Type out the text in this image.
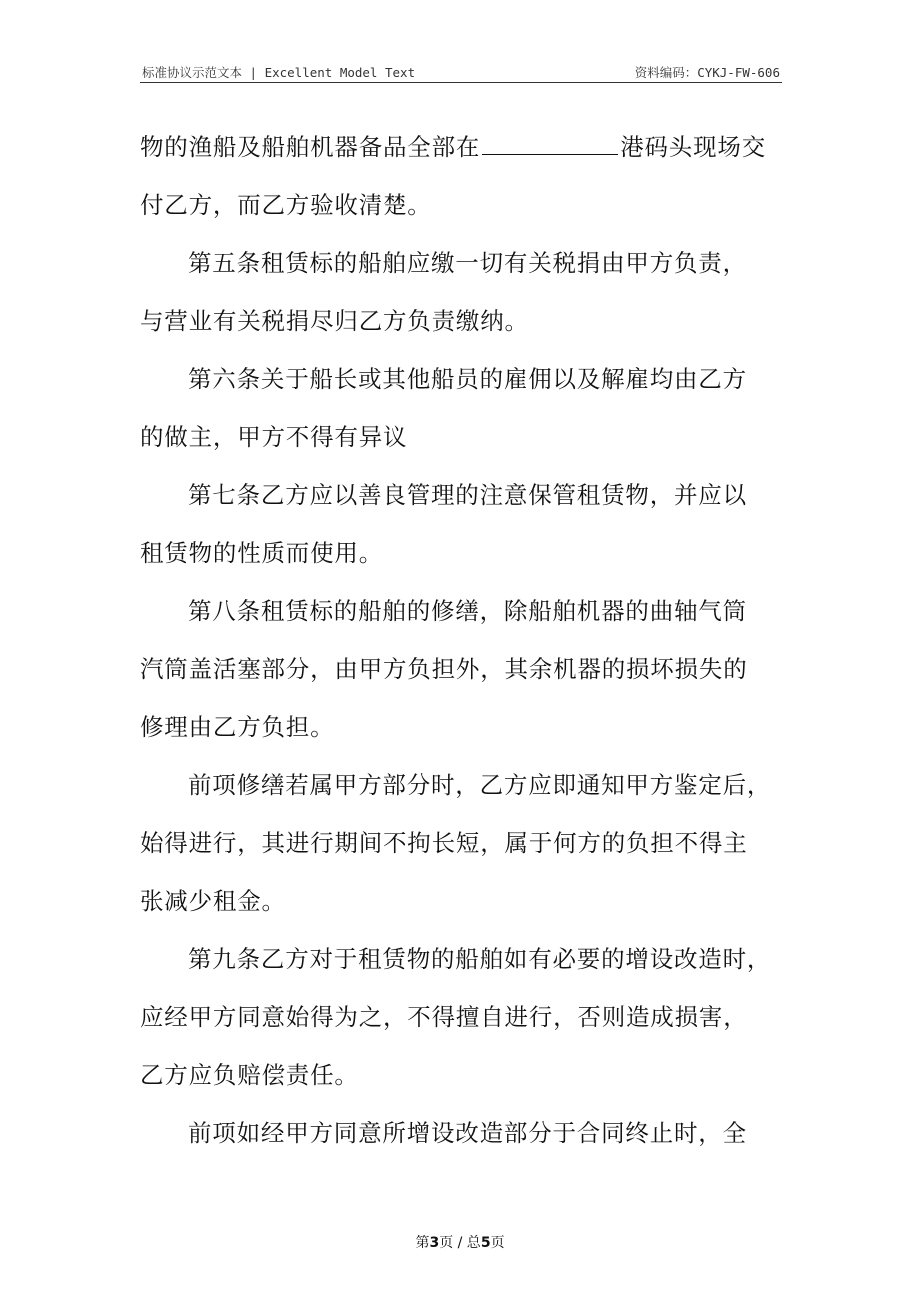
标准协议示范文本 | Excellent Model Text	资料编码：CYKJ-FW-606

物的渔船及船舶机器备品全部在	港码头现场交

付乙方，而乙方验收清楚。

第五条租赁标的船舶应缴一切有关税捐由甲方负责，

与营业有关税捐尽归乙方负责缴纳。

第六条关于船长或其他船员的雇佣以及解雇均由乙方

的做主，甲方不得有异议

第七条乙方应以善良管理的注意保管租赁物，并应以

租赁物的性质而使用。

第八条租赁标的船舶的修缮，除船舶机器的曲轴气筒

汽筒盖活塞部分，由甲方负担外，其余机器的损坏损失的

修理由乙方负担。

前项修缮若属甲方部分时，乙方应即通知甲方鉴定后，

始得进行，其进行期间不拘长短，属于何方的负担不得主

张减少租金。

第九条乙方对于租赁物的船舶如有必要的增设改造时，

应经甲方同意始得为之，不得擅自进行，否则造成损害，

乙方应负赔偿责任。

前项如经甲方同意所增设改造部分于合同终止时，全

第3页 / 总5页
